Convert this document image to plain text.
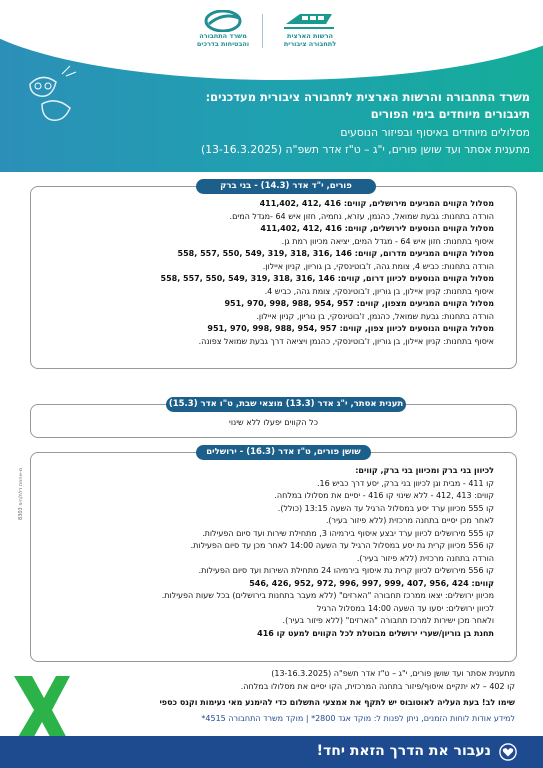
הרשות הארצית
לתחבורה ציבורית
משרד התחבורה
והבטיחות בדרכים
משרד התחבורה והרשות הארצית לתחבורה ציבורית מעדכנים:
תיגבורים מיוחדים בימי הפורים
מסלולים מיוחדים באיסוף ובפיזור הנוסעים
מתענית אסתר ועד שושן פורים, י"ג – ט"ז אדר תשפ"ה (13-16.3.2025)
מ-אחוזת דלת/חיפ 8303
פורים, י"ד אדר (14.3) - בני ברק
מסלול הקווים המגיעים מירושלים, קווים: 416 ,412 ,411,402
הורדה בתחנות: גבעת שמואל, כהנמן, עזרא, נחמיה, חזון איש 64 -מגדל המים.
מסלול הקווים הנוסעים לירושלים, קווים: 416 ,412 ,411,402
איסוף בתחנות: חזון איש 64 - מגדל המים, יציאה מכיוון רמת גן.
מסלול הקווים המגיעים מדרום, קווים: 146 ,316 ,318 ,319 ,549 ,550 ,557 ,558
הורדה בתחנות: כביש 4, צומת גהה, ז'בוטינסקי, בן גוריון, קניון איילון.
מסלול הקווים הנוסעים לכיוון דרום, קווים: 146 ,316 ,318 ,319 ,549 ,550 ,557 ,558
איסוף בתחנות: קניון איילון, בן גוריון, ז'בוטינסקי, צומת גהה, כביש 4.
מסלול הקווים המגיעים מצפון, קווים: 957 ,954 ,988 ,998 ,970 ,951
הורדה בתחנות: גבעת שמואל, כהנמן, ז'בוטינסקי, בן גוריון, קניון איילון.
מסלול הקווים הנוסעים לכיוון צפון, קווים: 957 ,954 ,988 ,998 ,970 ,951
איסוף בתחנות: קניון איילון, בן גוריון, ז'בוטינסקי, כהנמן ויציאה דרך גבעת שמואל צפונה.
תענית אסתר, י"ג אדר (13.3) מוצאי שבת, ט"ו אדר (15.3)
כל הקווים יפעלו ללא שינוי
שושן פורים, ט"ז אדר (16.3) - ירושלים
לכיוון בני ברק ומכיוון בני ברק, קווים:
קו 411 - מבית וגן לכיוון בני ברק, יסע דרך כביש 16.
קווים: 413 ,412 - ללא שינוי קו 416 - יסיים את מסלולו במלחה.
קו 555 מכיוון ערד יסע במסלול הרגיל עד השעה 13:15 (כולל).
לאחר מכן יסיים בתחנה מרכזית (ללא פיזור בעיר).
קו 555 מירושלים לכיוון ערד יבצע איסוף בירמיהו 3, מתחילת שירות ועד סיום הפעילות.
קו 556 מכיוון קרית גת יסע במסלול הרגיל עד השעה 14:00 לאחר מכן עד סיום הפעילות.
הורדה בתחנה מרכזית (ללא פיזור בעיר).
קו 556 מירושלים לכיוון קרית גת איסוף בירמיהו 24 מתחילת השירות ועד סיום הפעילות.
קווים: 424 ,956 ,407 ,999 ,997 ,996 ,972 ,952 ,426 ,546
מכיוון ירושלים: יצאו ממרכז תחבורה "הארזים" (ללא מעבר בתחנות בירושלים) בכל שעות הפעילות.
לכיוון ירושלים: יסעו עד השעה 14:00 במסלול הרגיל
ולאחר מכן ישירות למרכז תחבורה "הארזים" (ללא פיזור בעיר).
תחנת בן גוריון/שערי ירושלים מבוטלת לכל הקווים למעט קו 416
מתענית אסתר ועד שושן פורים, י"ג – ט"ז אדר תשפ"ה (13-16.3.2025)
קו 402 – לא יתקיים איסוף/פיזור בתחנה המרכזית, הקו יסיים את מסלולו במלחה.
שימו לב! בעת העליה לאוטובוס יש לתקף את אמצעי התשלום כדי להימנע מאי נעימות וקנס כספי
למידע אודות לוחות הזמנים, ניתן לפנות ל: מוקד אגד 2800* | מוקד משרד התחבורה 4515*
נעבור את הדרך הזאת יחד!
